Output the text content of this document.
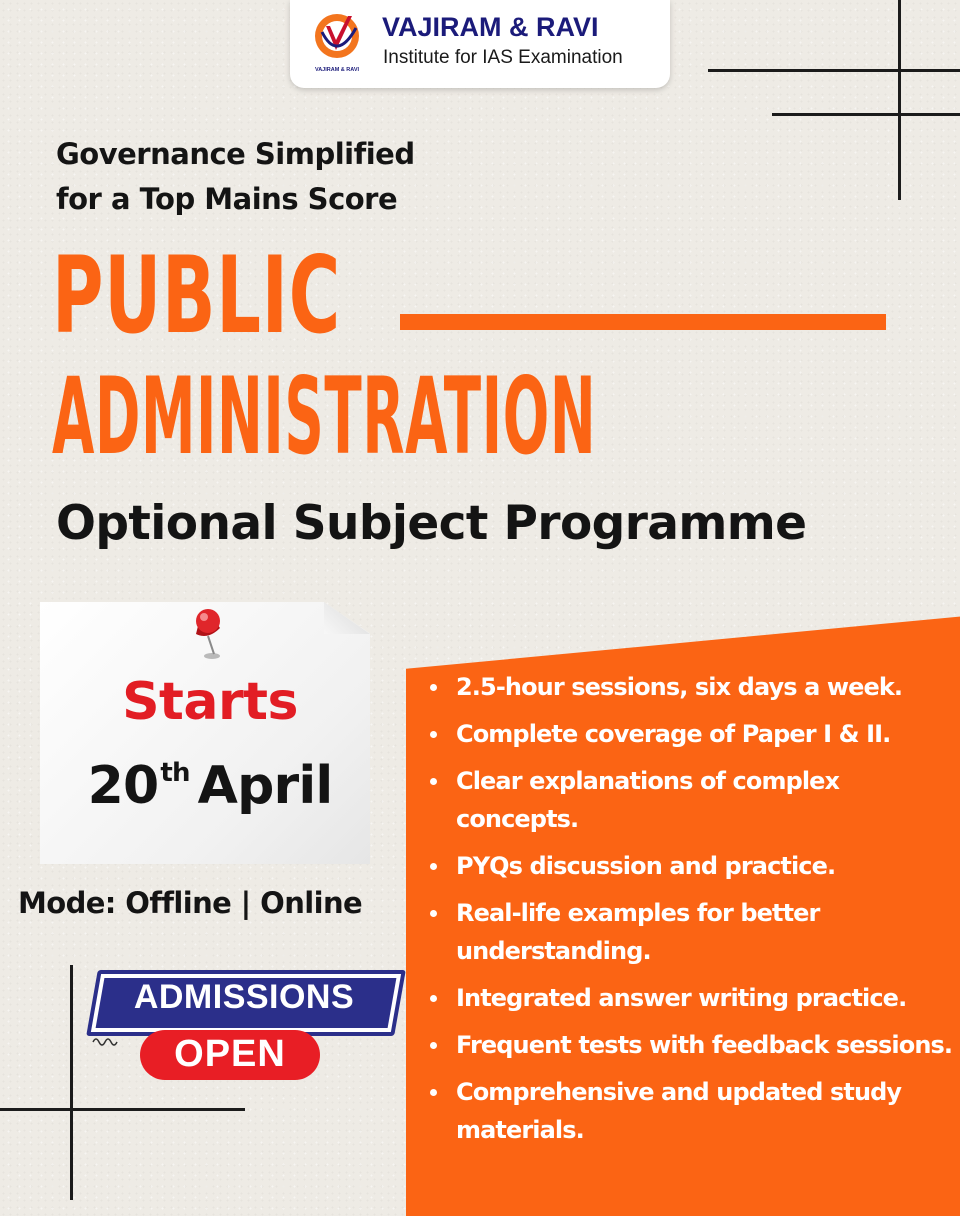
VAJIRAM & RAVI
VAJIRAM & RAVI
Institute for IAS Examination
Governance Simplified
for a Top Mains Score
PUBLIC
ADMINISTRATION
Optional Subject Programme
Starts
20th April
Mode: Offline | Online
ADMISSIONS
OPEN
2.5-hour sessions, six days a week.
Complete coverage of Paper I & II.
Clear explanations of complex concepts.
PYQs discussion and practice.
Real-life examples for better understanding.
Integrated answer writing practice.
Frequent tests with feedback sessions.
Comprehensive and updated study materials.
